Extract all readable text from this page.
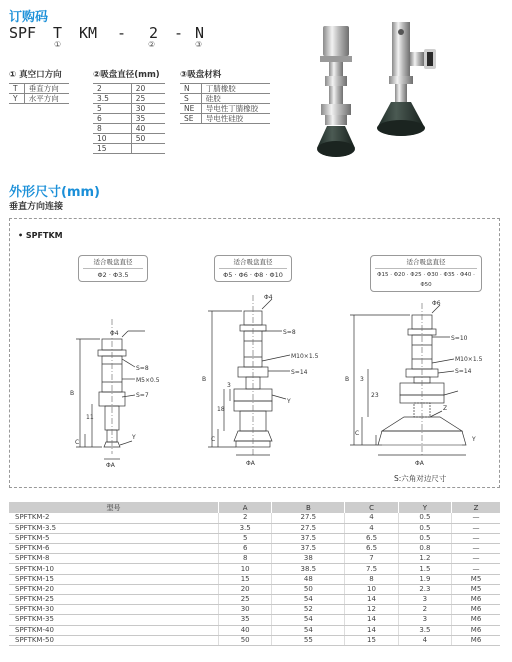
订购码
SPF T KM - 2 - N
①	②	③
① 真空口方向
T	垂直方向
Y	水平方向
②吸盘直径(mm)
2	20
3.5	25
5	30
6	35
8	40
10	50
15	
③吸盘材料
N	丁腈橡胶
S	硅胶
NE	导电性丁腈橡胶
SE	导电性硅胶
外形尺寸(mm)
垂直方向连接
Φ4
S=8
M5×0.5
S=7
B
11
C
Y
ΦA
Φ4
S=8
M10×1.5
S=14
B
18
3
C
Y
ΦA
Φ6
S=10
M10×1.5
S=14
B
23
3
Z
C
Y
ΦA
• SPFTKM
适合吸盘直径
Φ2 · Φ3.5
适合吸盘直径
Φ5 · Φ6 · Φ8 · Φ10
适合吸盘直径
Φ15 · Φ20 · Φ25 · Φ30 · Φ35 · Φ40 · Φ50
S:六角对边尺寸
型号	A	B	C	Y	Z
SPFTKM-2	2	27.5	4	0.5	—
SPFTKM-3.5	3.5	27.5	4	0.5	—
SPFTKM-5	5	37.5	6.5	0.5	—
SPFTKM-6	6	37.5	6.5	0.8	—
SPFTKM-8	8	38	7	1.2	—
SPFTKM-10	10	38.5	7.5	1.5	—
SPFTKM-15	15	48	8	1.9	M5
SPFTKM-20	20	50	10	2.3	M5
SPFTKM-25	25	54	14	3	M6
SPFTKM-30	30	52	12	2	M6
SPFTKM-35	35	54	14	3	M6
SPFTKM-40	40	54	14	3.5	M6
SPFTKM-50	50	55	15	4	M6
